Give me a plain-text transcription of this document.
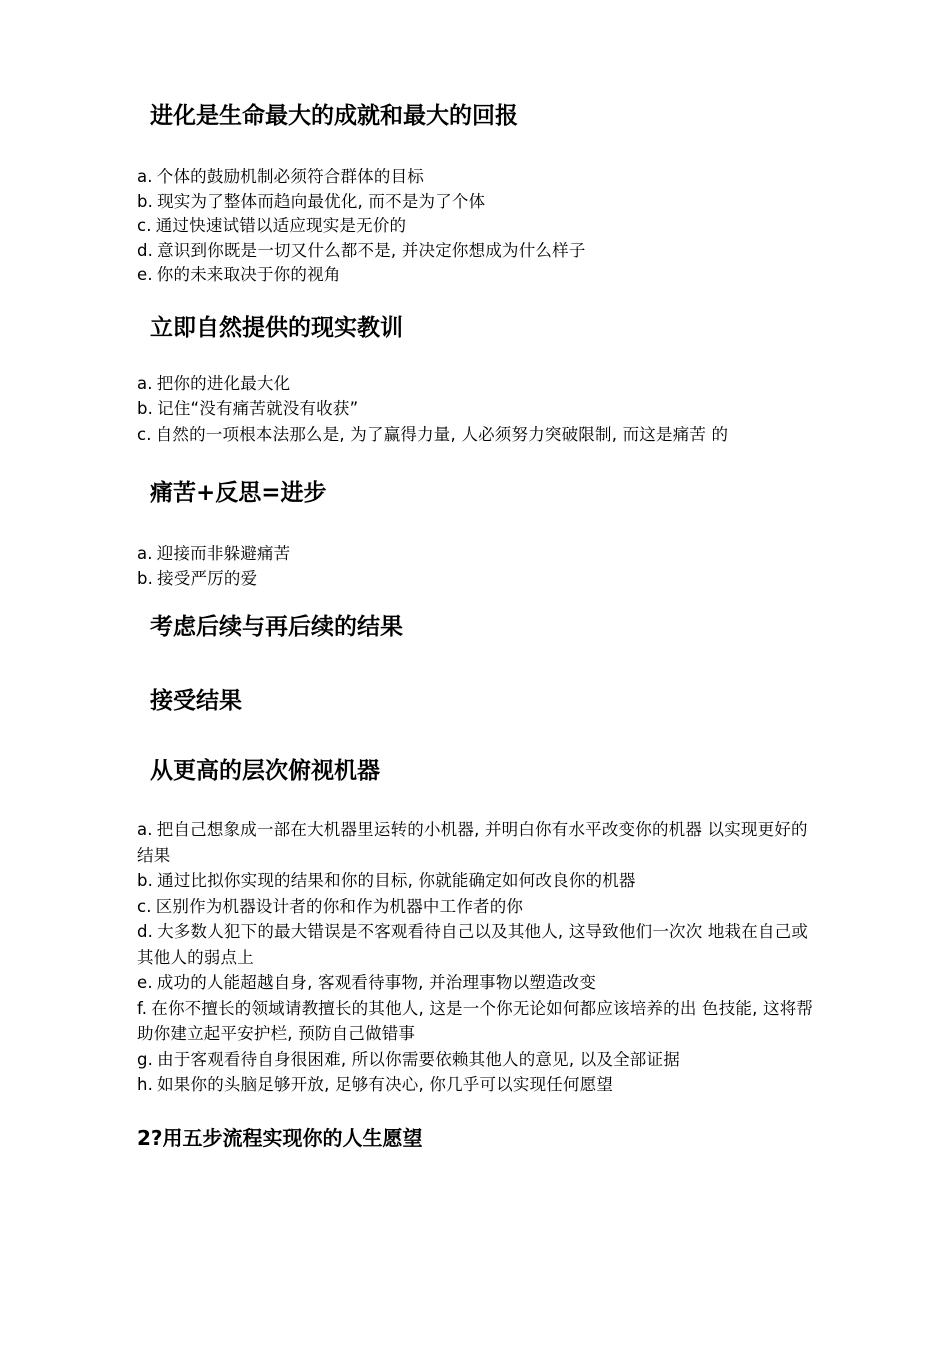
进化是生命最大的成就和最大的回报
a. 个体的鼓励机制必须符合群体的目标
b. 现实为了整体而趋向最优化, 而不是为了个体
c. 通过快速试错以适应现实是无价的
d. 意识到你既是一切又什么都不是, 并决定你想成为什么样子
e. 你的未来取决于你的视角
立即自然提供的现实教训
a. 把你的进化最大化
b. 记住“没有痛苦就没有收获”
c. 自然的一项根本法那么是, 为了赢得力量, 人必须努力突破限制, 而这是痛苦 的
痛苦+反思=进步
a. 迎接而非躲避痛苦
b. 接受严厉的爱
考虑后续与再后续的结果
接受结果
从更高的层次俯视机器
a. 把自己想象成一部在大机器里运转的小机器, 并明白你有水平改变你的机器 以实现更好的结果
b. 通过比拟你实现的结果和你的目标, 你就能确定如何改良你的机器
c. 区别作为机器设计者的你和作为机器中工作者的你
d. 大多数人犯下的最大错误是不客观看待自己以及其他人, 这导致他们一次次 地栽在自己或其他人的弱点上
e. 成功的人能超越自身, 客观看待事物, 并治理事物以塑造改变
f. 在你不擅长的领域请教擅长的其他人, 这是一个你无论如何都应该培养的出 色技能, 这将帮助你建立起平安护栏, 预防自己做错事
g. 由于客观看待自身很困难, 所以你需要依赖其他人的意见, 以及全部证据
h. 如果你的头脑足够开放, 足够有决心, 你几乎可以实现任何愿望
2?用五步流程实现你的人生愿望
